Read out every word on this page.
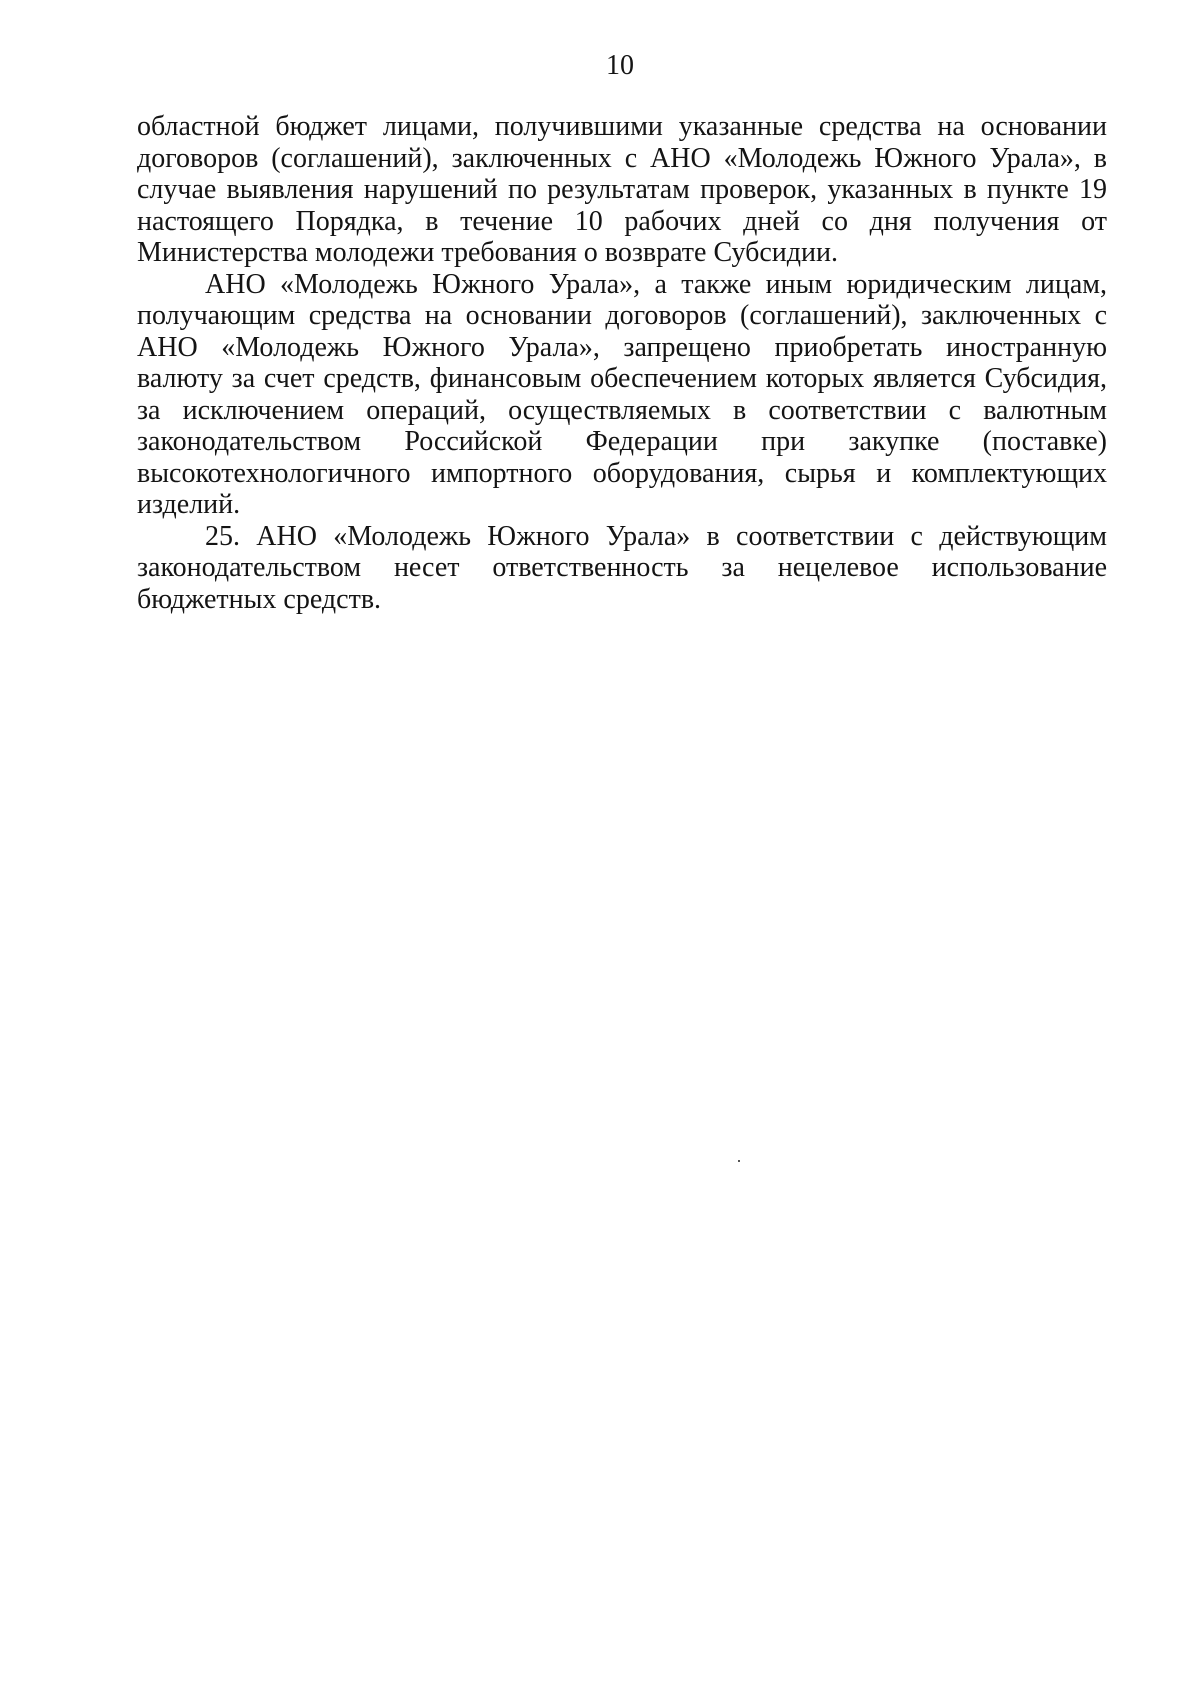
10
областной бюджет лицами, получившими указанные средства на основании
договоров (соглашений), заключенных с АНО «Молодежь Южного Урала», в
случае выявления нарушений по результатам проверок, указанных в пункте 19
настоящего Порядка, в течение 10 рабочих дней со дня получения от
Министерства молодежи требования о возврате Субсидии.
АНО «Молодежь Южного Урала», а также иным юридическим лицам,
получающим средства на основании договоров (соглашений), заключенных с
АНО «Молодежь Южного Урала», запрещено приобретать иностранную
валюту за счет средств, финансовым обеспечением которых является Субсидия,
за исключением операций, осуществляемых в соответствии с валютным
законодательством Российской Федерации при закупке (поставке)
высокотехнологичного импортного оборудования, сырья и комплектующих
изделий.
25. АНО «Молодежь Южного Урала» в соответствии с действующим
законодательством несет ответственность за нецелевое использование
бюджетных средств.
